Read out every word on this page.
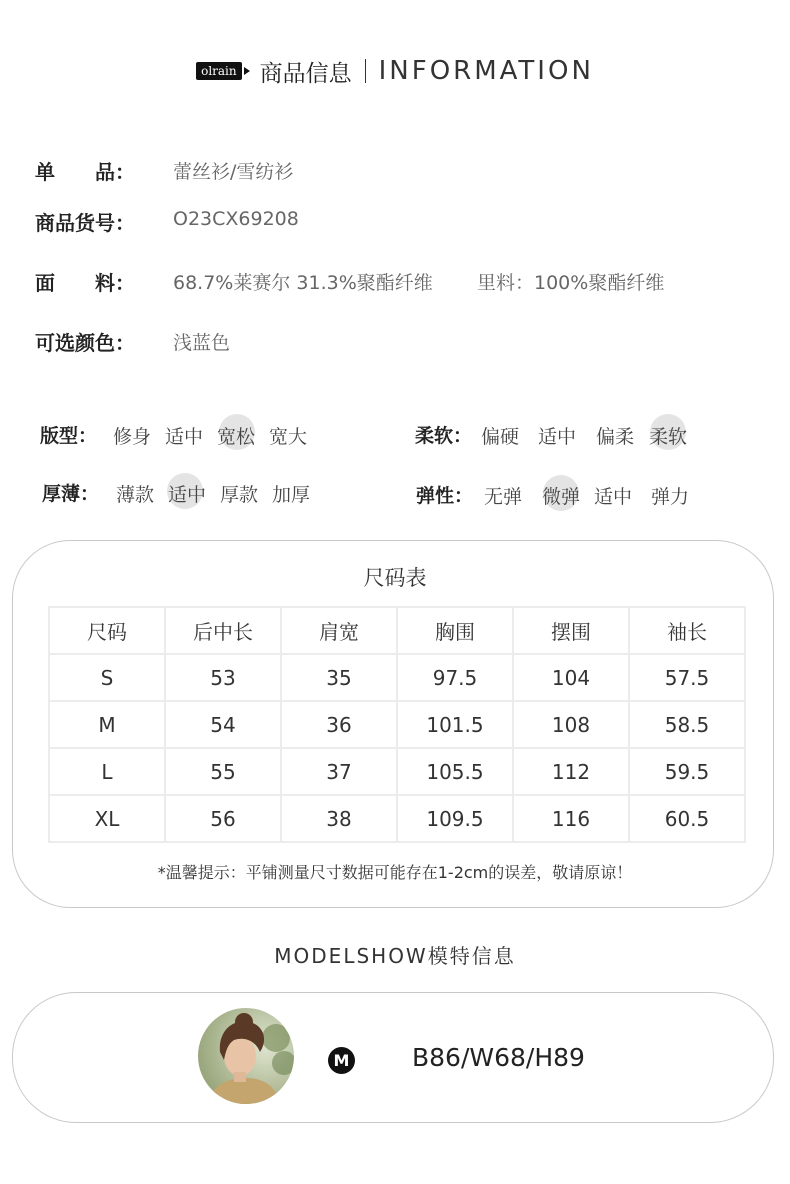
olrain 商品信息 INFORMATION
单　　品： 蕾丝衫/雪纺衫
商品货号： O23CX69208
面　　料： 68.7%莱赛尔 31.3%聚酯纤维 里料：100%聚酯纤维
可选颜色： 浅蓝色
版型： 修身 适中 宽松 宽大	柔软： 偏硬 适中 偏柔 柔软
厚薄： 薄款 适中 厚款 加厚	弹性： 无弹 微弹 适中 弹力
尺码表
尺码	后中长	肩宽	胸围	摆围	袖长
S	53	35	97.5	104	57.5
M	54	36	101.5	108	58.5
L	55	37	105.5	112	59.5
XL	56	38	109.5	116	60.5
*温馨提示：平铺测量尺寸数据可能存在1-2cm的误差，敬请原谅！
MODELSHOW模特信息
M	B86/W68/H89
